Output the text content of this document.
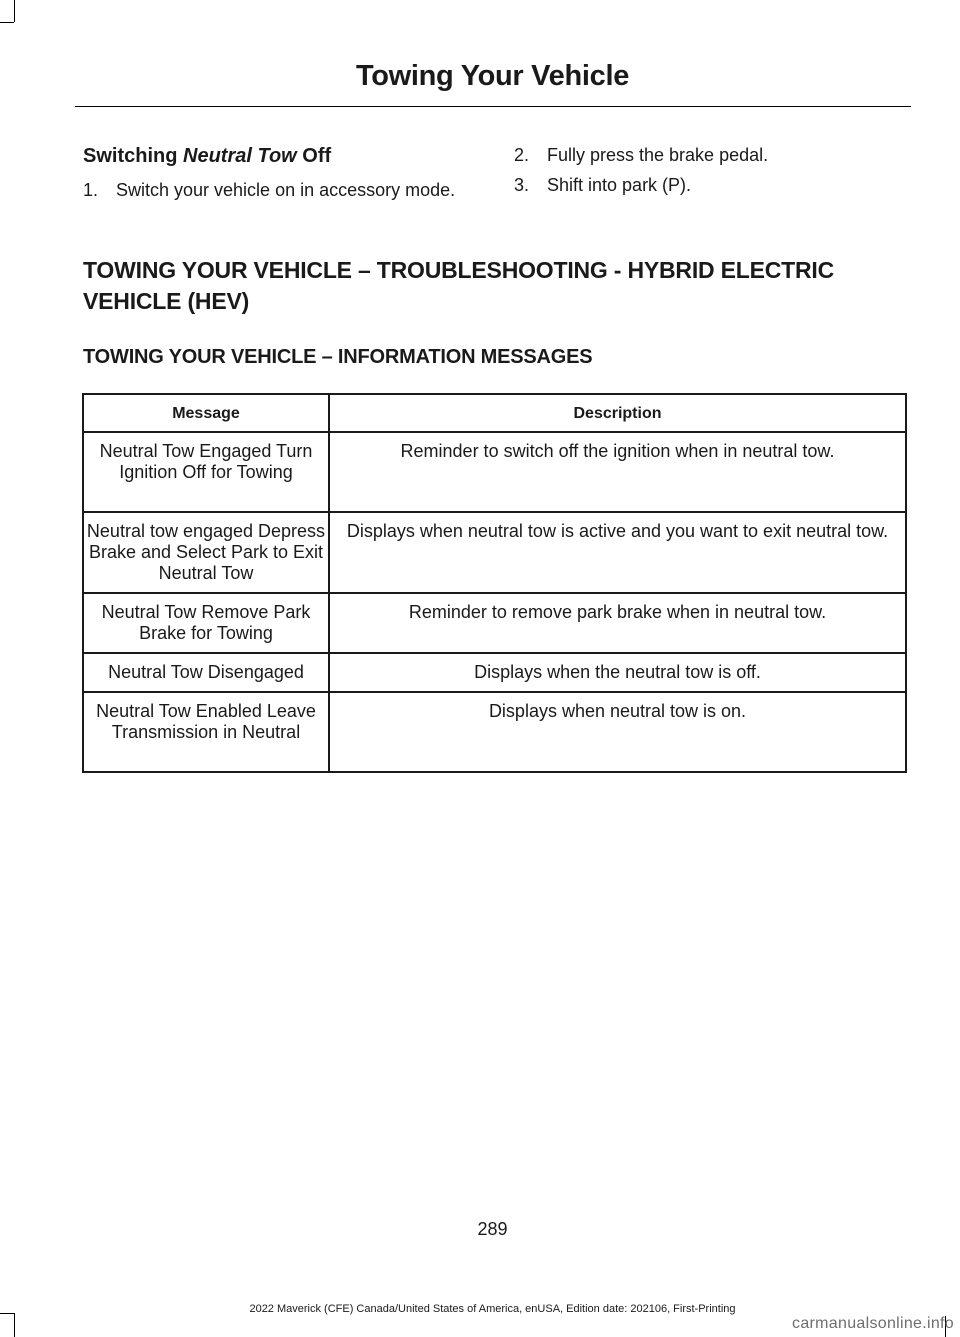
Towing Your Vehicle
Switching Neutral Tow Off
1. Switch your vehicle on in accessory mode.
2. Fully press the brake pedal.
3. Shift into park (P).
TOWING YOUR VEHICLE – TROUBLESHOOTING - HYBRID ELECTRIC VEHICLE (HEV)
TOWING YOUR VEHICLE – INFORMATION MESSAGES
Message	Description
Neutral Tow Engaged Turn Ignition Off for Towing	Reminder to switch off the ignition when in neutral tow.
Neutral tow engaged Depress Brake and Select Park to Exit Neutral Tow	Displays when neutral tow is active and you want to exit neutral tow.
Neutral Tow Remove Park Brake for Towing	Reminder to remove park brake when in neutral tow.
Neutral Tow Disengaged	Displays when the neutral tow is off.
Neutral Tow Enabled Leave Transmission in Neutral	Displays when neutral tow is on.
289
2022 Maverick (CFE) Canada/United States of America, enUSA, Edition date: 202106, First-Printing
carmanualsonline.info
